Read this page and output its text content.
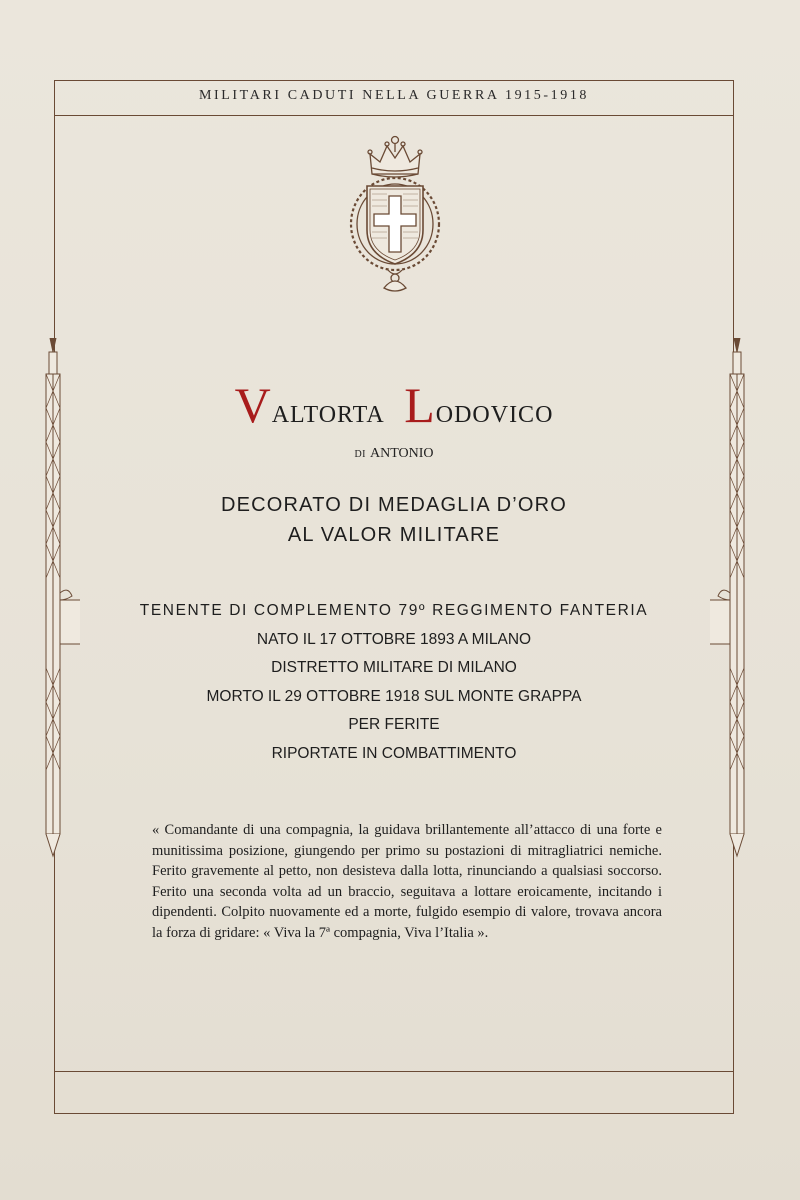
MILITARI CADUTI NELLA GUERRA 1915-1918
Valtorta Lodovico
DI ANTONIO
DECORATO DI MEDAGLIA D’ORO
AL VALOR MILITARE
TENENTE DI COMPLEMENTO 79º REGGIMENTO FANTERIA
NATO IL 17 OTTOBRE 1893 A MILANO
DISTRETTO MILITARE DI MILANO
MORTO IL 29 OTTOBRE 1918 SUL MONTE GRAPPA
PER FERITE
RIPORTATE IN COMBATTIMENTO
« Comandante di una compagnia, la guidava brillantemente all’attacco di una forte e munitissima posizione, giungendo per primo su postazioni di mitragliatrici nemiche. Ferito gravemente al petto, non desisteva dalla lotta, rinunciando a qualsiasi soccorso. Ferito una seconda volta ad un braccio, seguitava a lottare eroicamente, incitando i dipendenti. Colpito nuovamente ed a morte, fulgido esempio di valore, trovava ancora la forza di gridare: « Viva la 7ª compagnia, Viva l’Italia ».
